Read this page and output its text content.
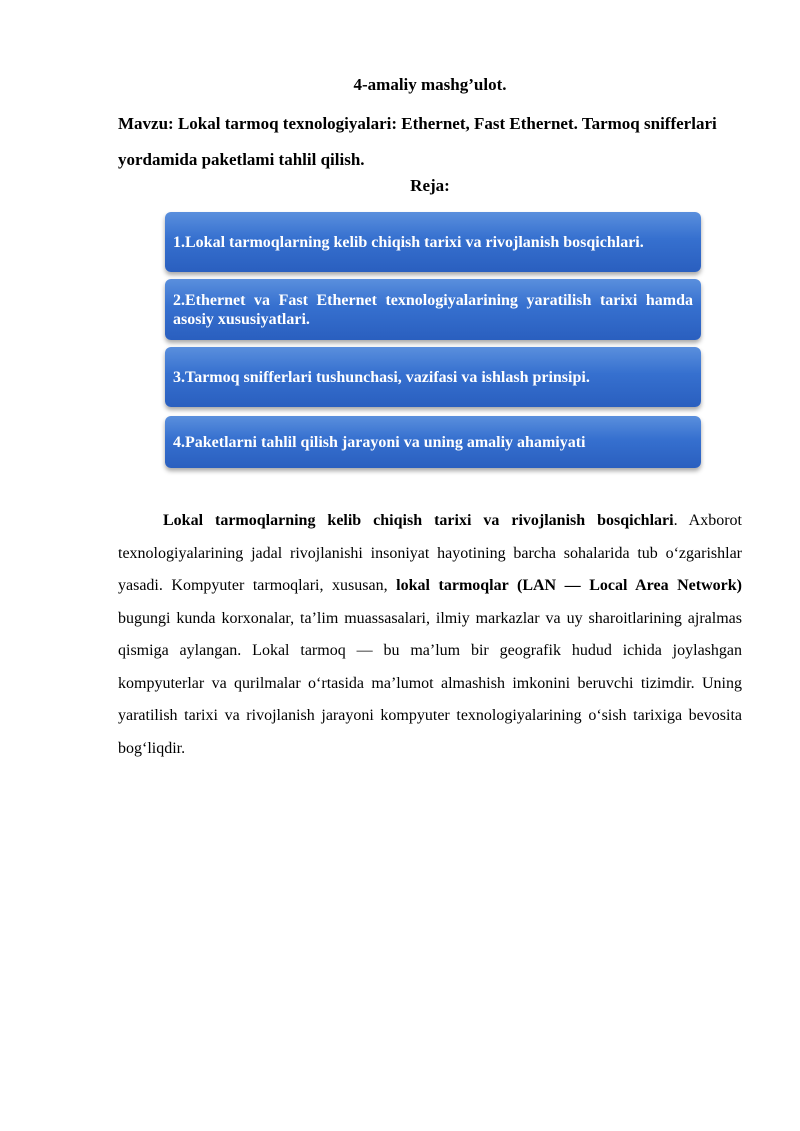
4-amaliy mashg’ulot.

Mavzu: Lokal tarmoq texnologiyalari: Ethernet, Fast Ethernet. Tarmoq snifferlari yordamida paketlami tahlil qilish.

Reja:

1.Lokal tarmoqlarning kelib chiqish tarixi va rivojlanish bosqichlari.
2.Ethernet va Fast Ethernet texnologiyalarining yaratilish tarixi hamda asosiy xususiyatlari.
3.Tarmoq snifferlari tushunchasi, vazifasi va ishlash prinsipi.
4.Paketlarni tahlil qilish jarayoni va uning amaliy ahamiyati

Lokal tarmoqlarning kelib chiqish tarixi va rivojlanish bosqichlari. Axborot texnologiyalarining jadal rivojlanishi insoniyat hayotining barcha sohalarida tub o‘zgarishlar yasadi. Kompyuter tarmoqlari, xususan, lokal tarmoqlar (LAN — Local Area Network) bugungi kunda korxonalar, ta’lim muassasalari, ilmiy markazlar va uy sharoitlarining ajralmas qismiga aylangan. Lokal tarmoq — bu ma’lum bir geografik hudud ichida joylashgan kompyuterlar va qurilmalar o‘rtasida ma’lumot almashish imkonini beruvchi tizimdir. Uning yaratilish tarixi va rivojlanish jarayoni kompyuter texnologiyalarining o‘sish tarixiga bevosita bog‘liqdir.
